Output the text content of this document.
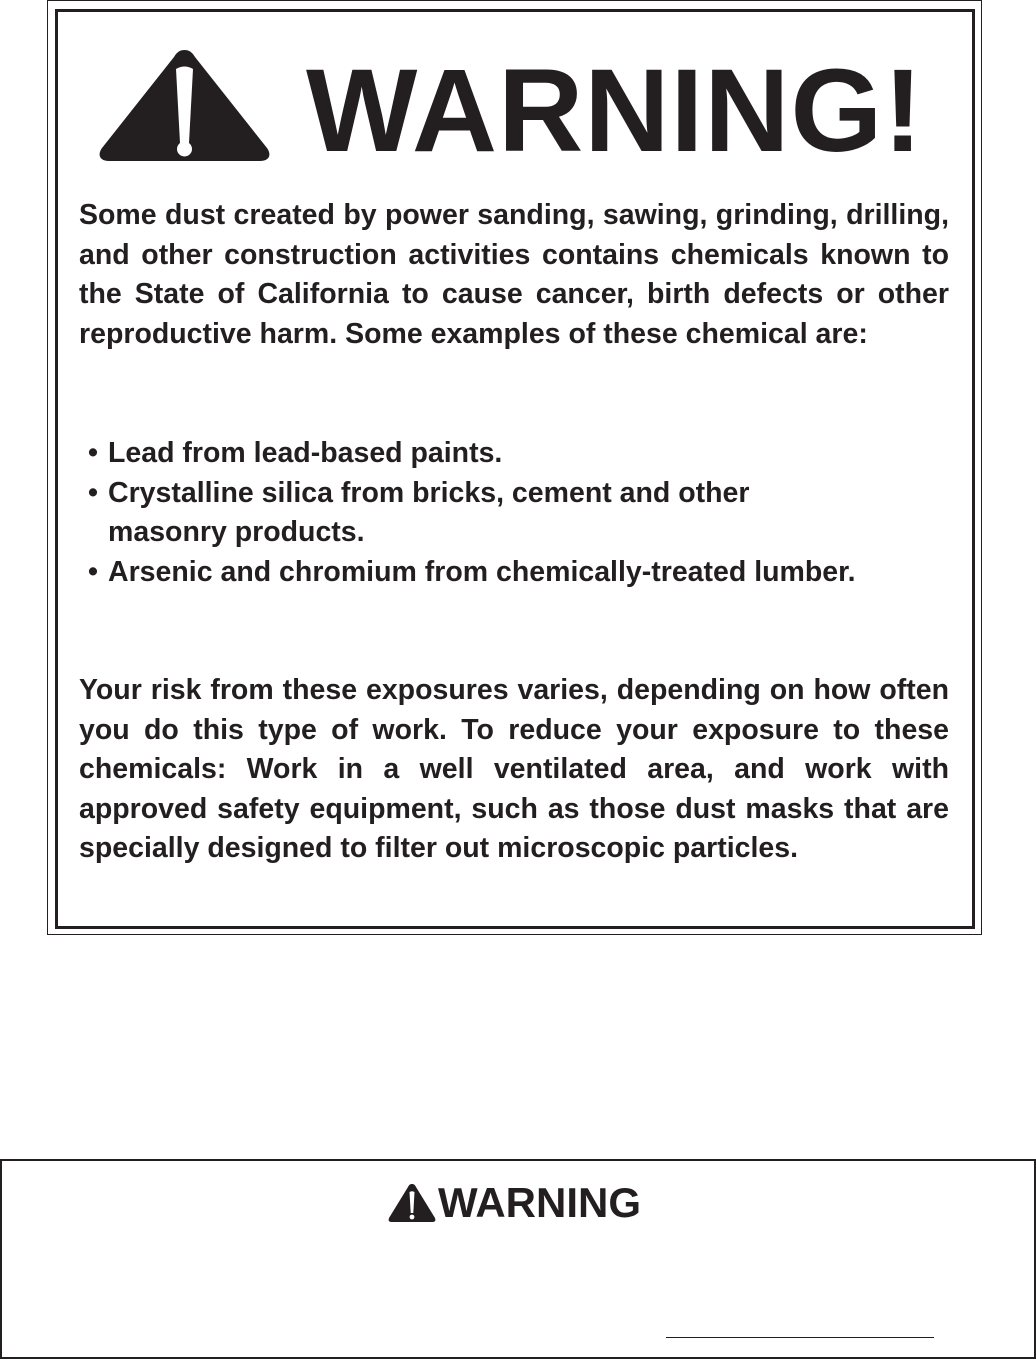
WARNING!

Some dust created by power sanding, sawing, grinding, drilling, and other construction activities contains chemicals known to the State of California to cause cancer, birth defects or other reproductive harm. Some examples of these chemical are:

• Lead from lead-based paints.
• Crystalline silica from bricks, cement and other masonry products.
• Arsenic and chromium from chemically-treated lumber.

Your risk from these exposures varies, depending on how often you do this type of work. To reduce your exposure to these chemicals: Work in a well ventilated area, and work with approved safety equipment, such as those dust masks that are specially designed to filter out microscopic particles.

WARNING
